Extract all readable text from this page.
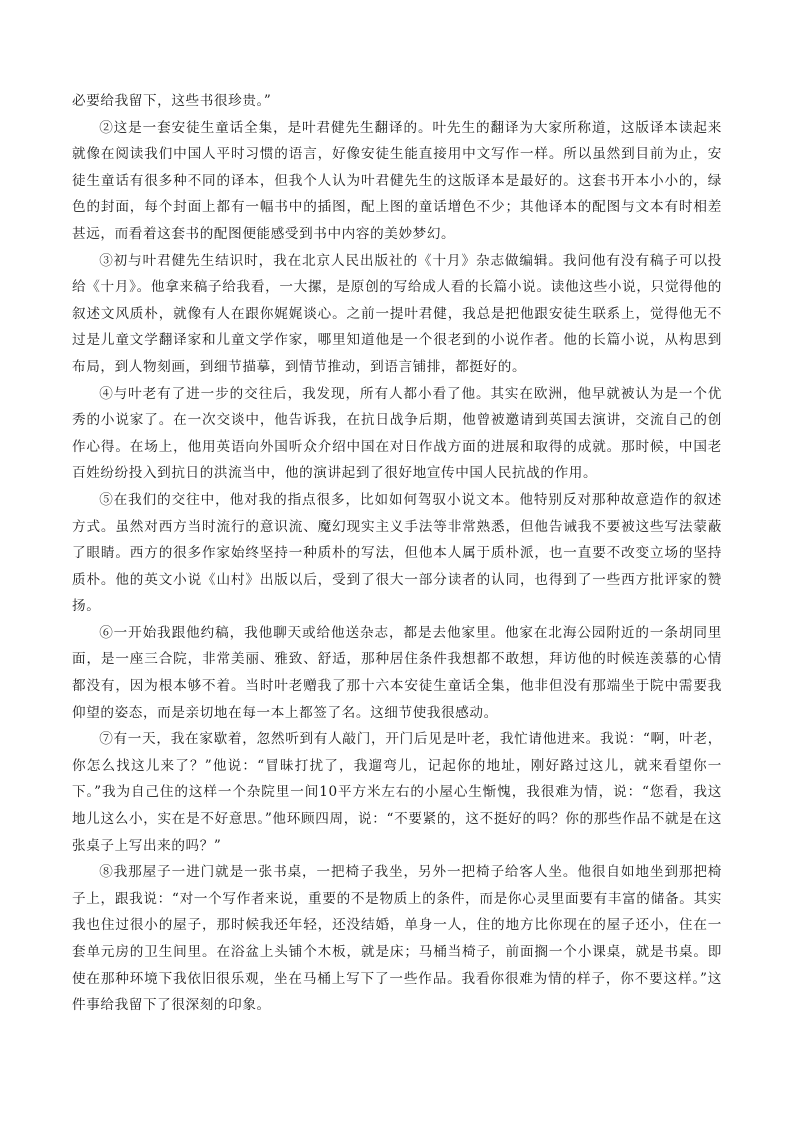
必要给我留下，这些书很珍贵。”

②这是一套安徒生童话全集，是叶君健先生翻译的。叶先生的翻译为大家所称道，这版译本读起来就像在阅读我们中国人平时习惯的语言，好像安徒生能直接用中文写作一样。所以虽然到目前为止，安徒生童话有很多种不同的译本，但我个人认为叶君健先生的这版译本是最好的。这套书开本小小的，绿色的封面，每个封面上都有一幅书中的插图，配上图的童话增色不少；其他译本的配图与文本有时相差甚远，而看着这套书的配图便能感受到书中内容的美妙梦幻。

③初与叶君健先生结识时，我在北京人民出版社的《十月》杂志做编辑。我问他有没有稿子可以投给《十月》。他拿来稿子给我看，一大摞，是原创的写给成人看的长篇小说。读他这些小说，只觉得他的叙述文风质朴，就像有人在跟你娓娓谈心。之前一提叶君健，我总是把他跟安徒生联系上，觉得他无不过是儿童文学翻译家和儿童文学作家，哪里知道他是一个很老到的小说作者。他的长篇小说，从构思到布局，到人物刻画，到细节描摹，到情节推动，到语言铺排，都挺好的。

④与叶老有了进一步的交往后，我发现，所有人都小看了他。其实在欧洲，他早就被认为是一个优秀的小说家了。在一次交谈中，他告诉我，在抗日战争后期，他曾被邀请到英国去演讲，交流自己的创作心得。在场上，他用英语向外国听众介绍中国在对日作战方面的进展和取得的成就。那时候，中国老百姓纷纷投入到抗日的洪流当中，他的演讲起到了很好地宣传中国人民抗战的作用。

⑤在我们的交往中，他对我的指点很多，比如如何驾驭小说文本。他特别反对那种故意造作的叙述方式。虽然对西方当时流行的意识流、魔幻现实主义手法等非常熟悉，但他告诫我不要被这些写法蒙蔽了眼睛。西方的很多作家始终坚持一种质朴的写法，但他本人属于质朴派，也一直要不改变立场的坚持质朴。他的英文小说《山村》出版以后，受到了很大一部分读者的认同，也得到了一些西方批评家的赞扬。

⑥一开始我跟他约稿，我他聊天或给他送杂志，都是去他家里。他家在北海公园附近的一条胡同里面，是一座三合院，非常美丽、雅致、舒适，那种居住条件我想都不敢想，拜访他的时候连羡慕的心情都没有，因为根本够不着。当时叶老赠我了那十六本安徒生童话全集，他非但没有那端坐于院中需要我仰望的姿态，而是亲切地在每一本上都签了名。这细节使我很感动。

⑦有一天，我在家歇着，忽然听到有人敲门，开门后见是叶老，我忙请他进来。我说：“啊，叶老，你怎么找这儿来了？”他说：“冒昧打扰了，我遛弯儿，记起你的地址，刚好路过这儿，就来看望你一下。”我为自己住的这样一个杂院里一间10平方米左右的小屋心生惭愧，我很难为情，说：“您看，我这地儿这么小，实在是不好意思。”他环顾四周，说：“不要紧的，这不挺好的吗？你的那些作品不就是在这张桌子上写出来的吗？”

⑧我那屋子一进门就是一张书桌，一把椅子我坐，另外一把椅子给客人坐。他很自如地坐到那把椅子上，跟我说：“对一个写作者来说，重要的不是物质上的条件，而是你心灵里面要有丰富的储备。其实我也住过很小的屋子，那时候我还年轻，还没结婚，单身一人，住的地方比你现在的屋子还小，住在一套单元房的卫生间里。在浴盆上头铺个木板，就是床；马桶当椅子，前面搁一个小课桌，就是书桌。即使在那种环境下我依旧很乐观，坐在马桶上写下了一些作品。我看你很难为情的样子，你不要这样。”这件事给我留下了很深刻的印象。
